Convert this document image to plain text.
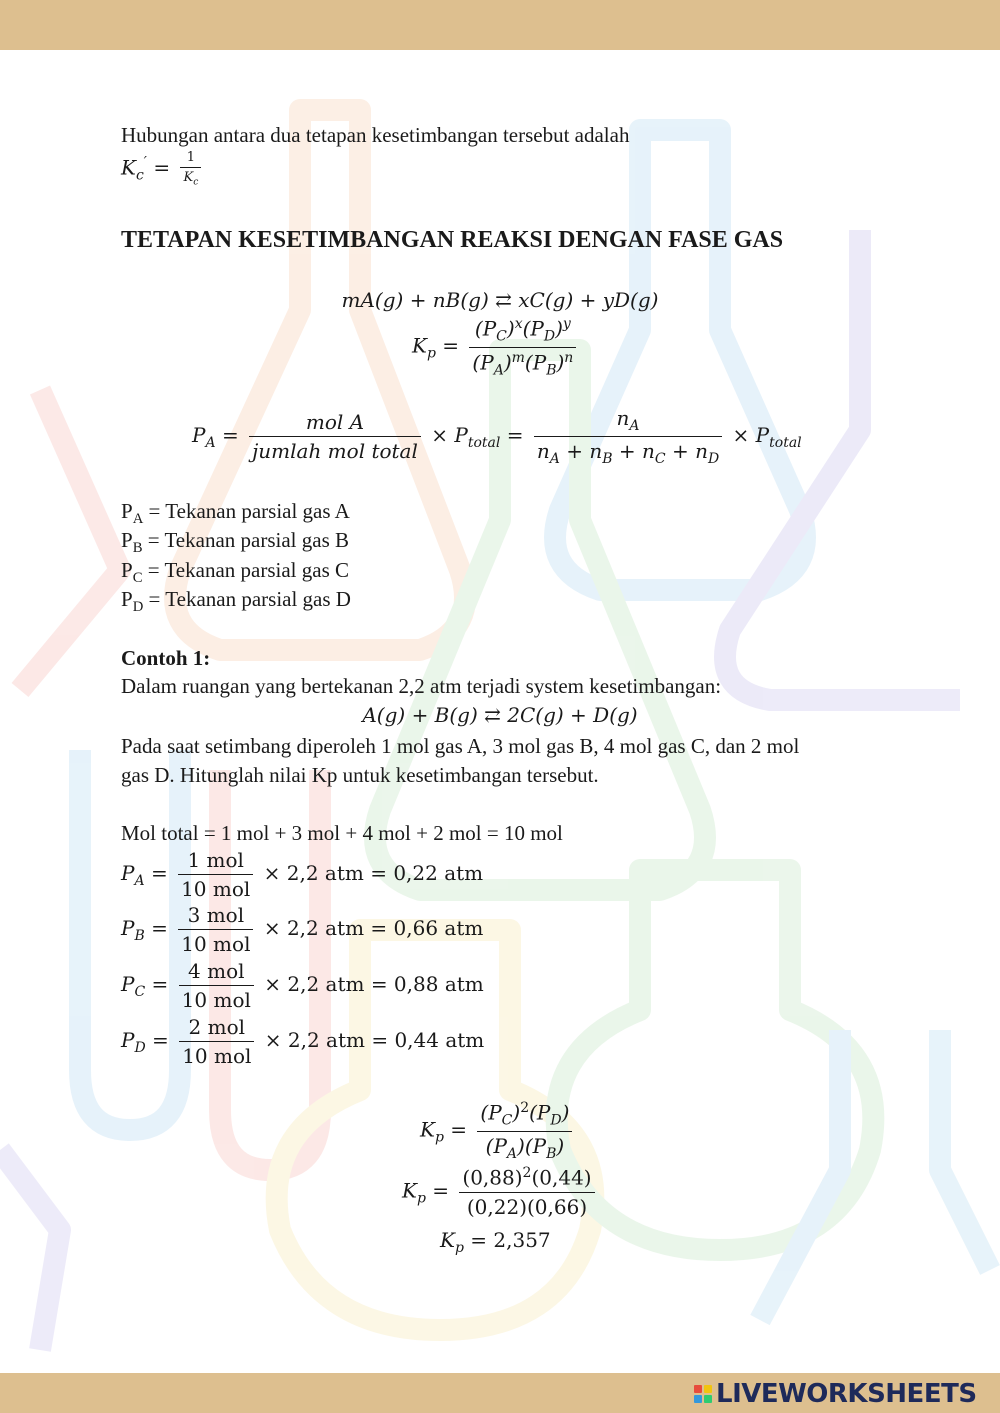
Hubungan antara dua tetapan kesetimbangan tersebut adalah
$K_c' = \frac{1}{K_c}$
TETAPAN KESETIMBANGAN REAKSI DENGAN FASE GAS
mA(g) + nB(g) ⇄ xC(g) + yD(g)
$K_p = \frac{(P_C)^x(P_D)^y}{(P_A)^m(P_B)^n}$
$P_A = \frac{\text{mol A}}{\text{jumlah mol total}} \times P_{total} = \frac{n_A}{n_A + n_B + n_C + n_D} \times P_{total}$
$P_A$ = Tekanan parsial gas A
$P_B$ = Tekanan parsial gas B
$P_C$ = Tekanan parsial gas C
$P_D$ = Tekanan parsial gas D
Contoh 1:
Dalam ruangan yang bertekanan 2,2 atm terjadi system kesetimbangan:
A(g) + B(g) ⇄ 2C(g) + D(g)
Pada saat setimbang diperoleh 1 mol gas A, 3 mol gas B, 4 mol gas C, dan 2 mol
gas D. Hitunglah nilai Kp untuk kesetimbangan tersebut.
Mol total = 1 mol + 3 mol + 4 mol + 2 mol = 10 mol
$P_A = \frac{\text{1 mol}}{\text{10 mol}} \times 2,2$ atm = 0,22 atm
$P_B = \frac{\text{3 mol}}{\text{10 mol}} \times 2,2$ atm = 0,66 atm
$P_C = \frac{\text{4 mol}}{\text{10 mol}} \times 2,2$ atm = 0,88 atm
$P_D = \frac{\text{2 mol}}{\text{10 mol}} \times 2,2$ atm = 0,44 atm
$K_p = \frac{(P_C)^2(P_D)}{(P_A)(P_B)}$
$K_p = \frac{(0,88)^2(0,44)}{(0,22)(0,66)}$
$K_p = 2,357$
LIVEWORKSHEETS
